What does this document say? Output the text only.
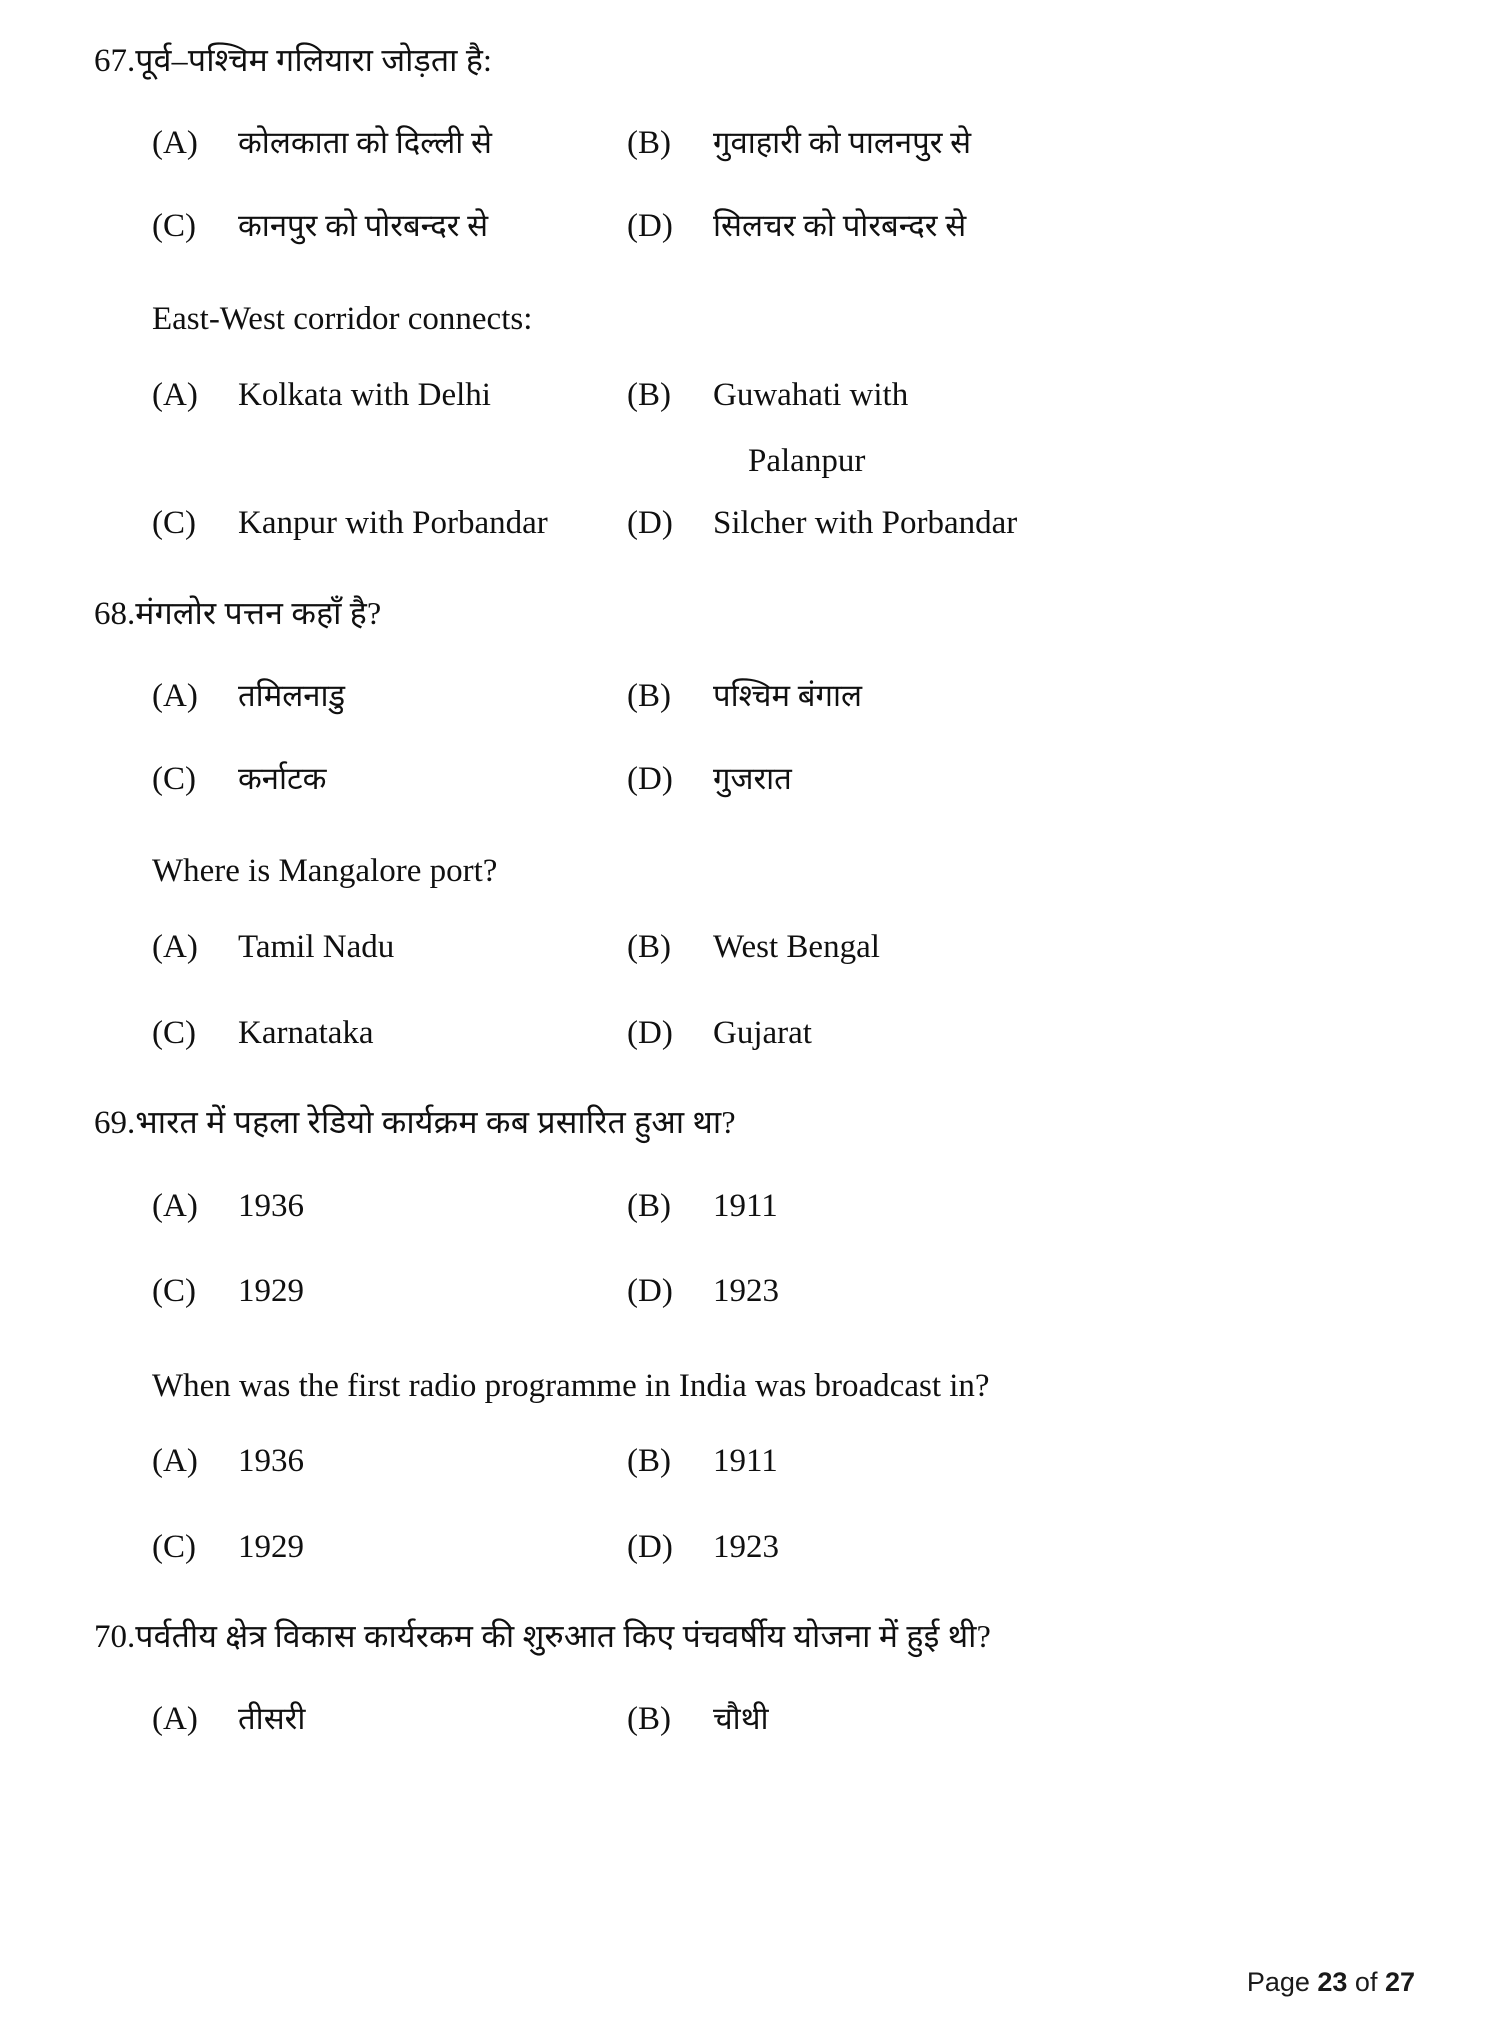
67. पूर्व–पश्चिम गलियारा जोड़ता है:
(A)	कोलकाता को दिल्ली से	(B)	गुवाहारी को पालनपुर से
(C)	कानपुर को पोरबन्दर से	(D)	सिलचर को पोरबन्दर से
East-West corridor connects:
(A)	Kolkata with Delhi	(B)	Guwahati with
Palanpur
(C)	Kanpur with Porbandar (D)	Silcher with Porbandar
68. मंगलोर पत्तन कहाँ है?
(A)	तमिलनाडु	(B)	पश्चिम बंगाल
(C)	कर्नाटक	(D)	गुजरात
Where is Mangalore port?
(A)	Tamil Nadu	(B)	West Bengal
(C)	Karnataka	(D)	Gujarat
69. भारत में पहला रेडियो कार्यक्रम कब प्रसारित हुआ था?
(A)	1936	(B)	1911
(C)	1929	(D)	1923
When was the first radio programme in India was broadcast in?
(A)	1936	(B)	1911
(C)	1929	(D)	1923
70. पर्वतीय क्षेत्र विकास कार्यरकम की शुरुआत किए पंचवर्षीय योजना में हुई थी?
(A)	तीसरी	(B)	चौथी
Page 23 of 27
